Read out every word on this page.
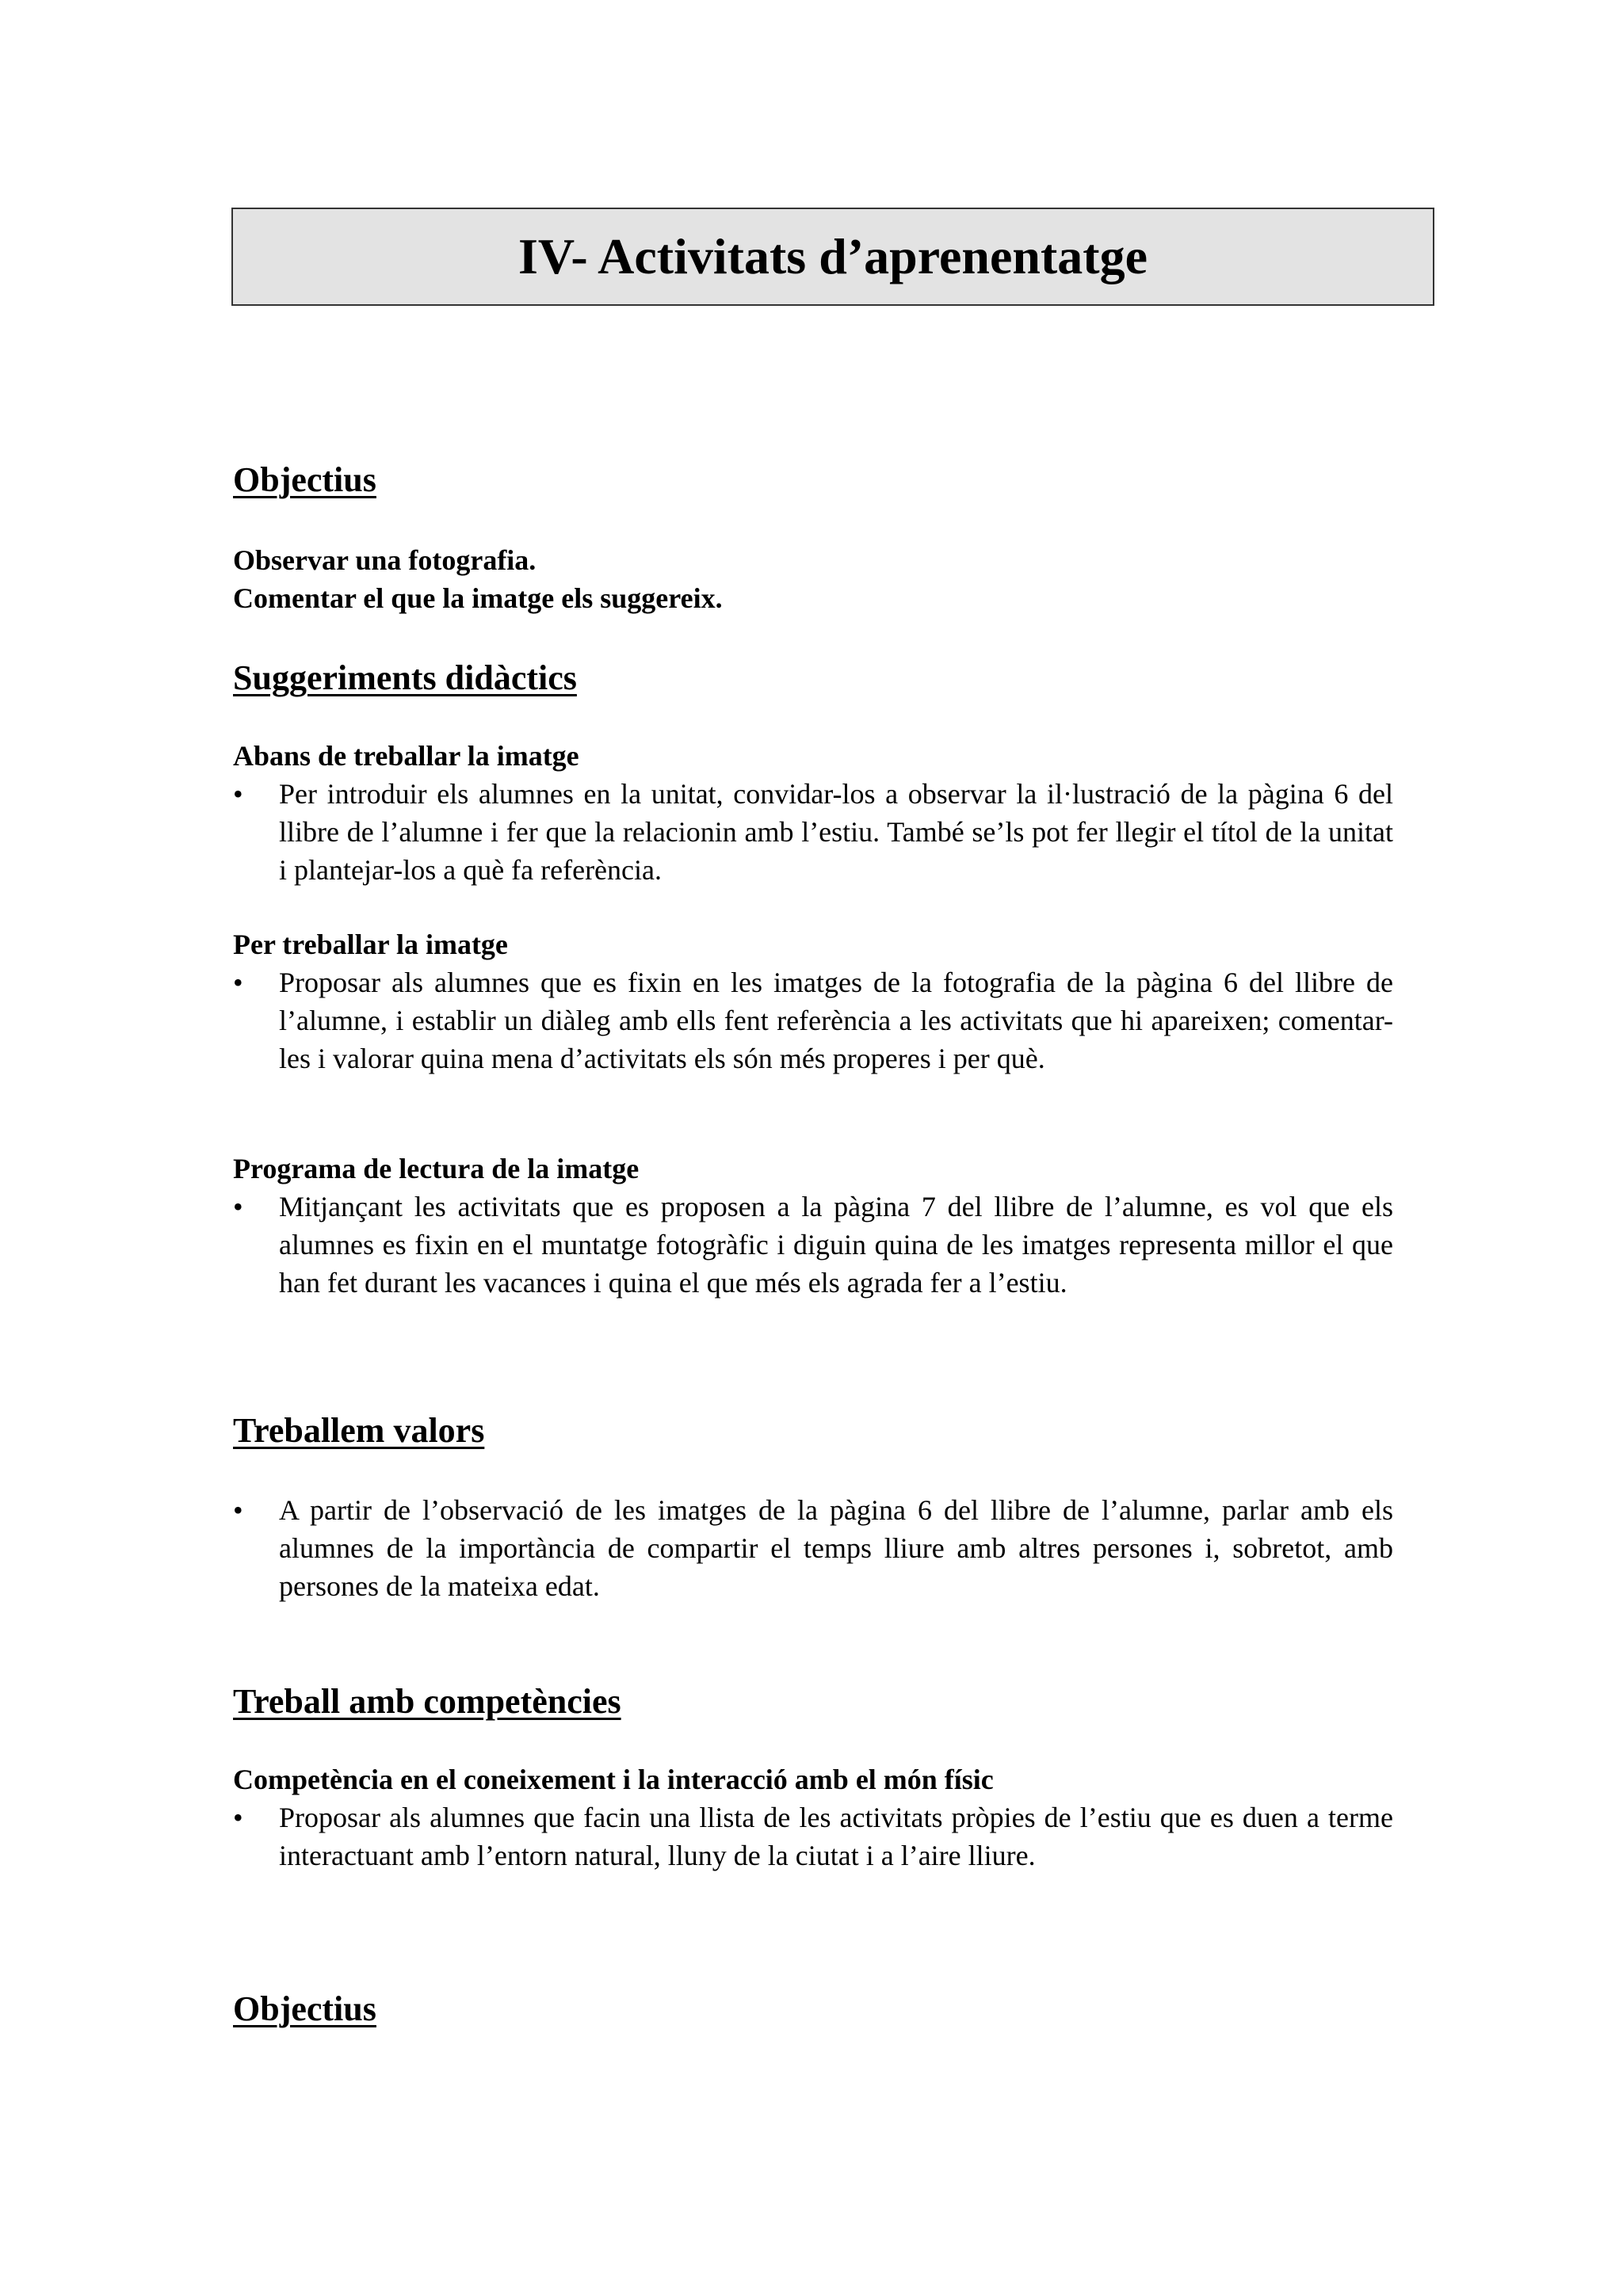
IV- Activitats d’aprenentatge
Objectius

Observar una fotografia.

Comentar el que la imatge els suggereix.

Suggeriments didàctics

Abans de treballar la imatge

•	Per introduir els alumnes en la unitat, convidar-los a observar la il·lustració de la pàgina 6 del llibre de l’alumne i fer que la relacionin amb l’estiu. També se’ls pot fer llegir el títol de la unitat i plantejar-los a què fa referència.

Per treballar la imatge

•	Proposar als alumnes que es fixin en les imatges de la fotografia de la pàgina 6 del llibre de l’alumne, i establir un diàleg amb ells fent referència a les activitats que hi apareixen; comentar-les i valorar quina mena d’activitats els són més properes i per què.

Programa de lectura de la imatge

•	Mitjançant les activitats que es proposen a la pàgina 7 del llibre de l’alumne, es vol que els alumnes es fixin en el muntatge fotogràfic i diguin quina de les imatges representa millor el que han fet durant les vacances i quina el que més els agrada fer a l’estiu.
Treballem valors
•	A partir de l’observació de les imatges de la pàgina 6 del llibre de l’alumne, parlar amb els alumnes de la importància de compartir el temps lliure amb altres persones i, sobretot, amb persones de la mateixa edat.
Treball amb competències

Competència en el coneixement i la interacció amb el món físic

•	Proposar als alumnes que facin una llista de les activitats pròpies de l’estiu que es duen a terme interactuant amb l’entorn natural, lluny de la ciutat i a l’aire lliure.
Objectius
